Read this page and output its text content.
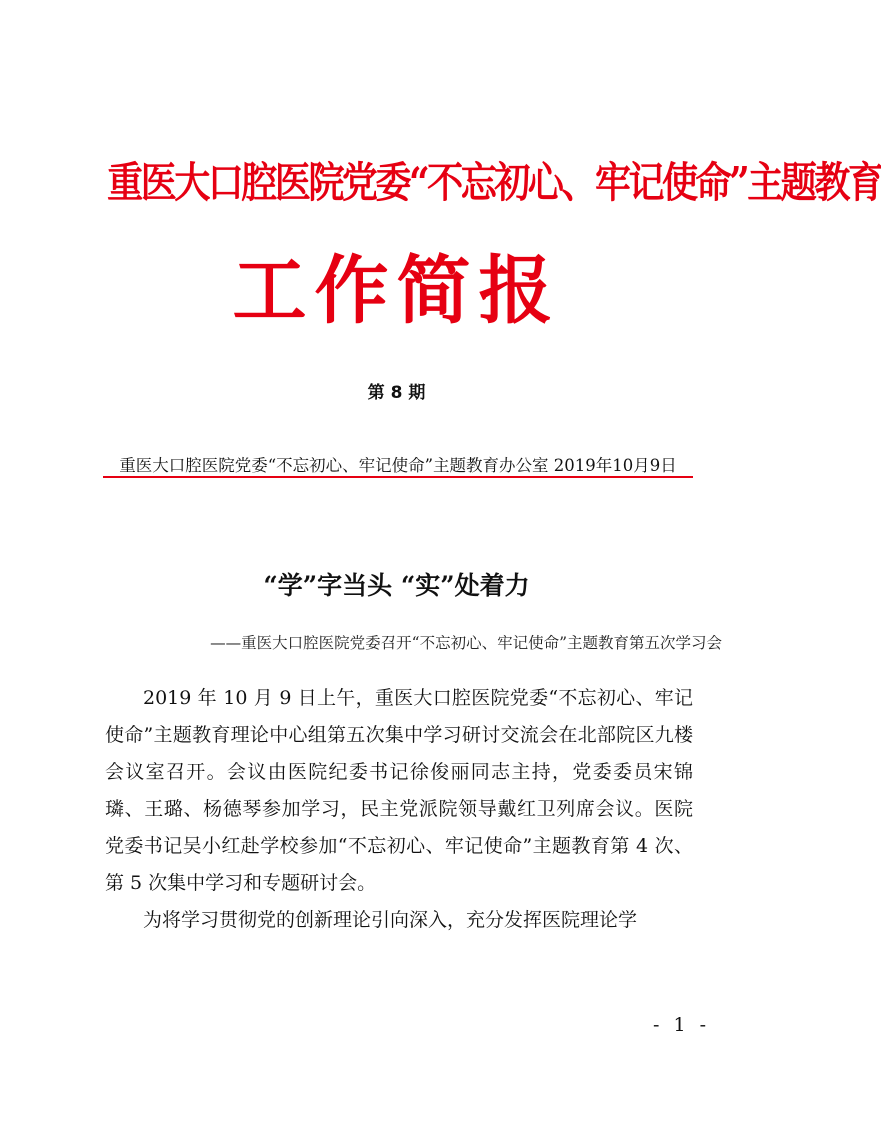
重医大口腔医院党委“不忘初心、牢记使命”主题教育
工作简报
第 8 期
重医大口腔医院党委“不忘初心、牢记使命”主题教育办公室 2019年10月9日
“学”字当头 “实”处着力
——重医大口腔医院党委召开“不忘初心、牢记使命”主题教育第五次学习会

2019 年 10 月 9 日上午，重医大口腔医院党委“不忘初心、牢记使命”主题教育理论中心组第五次集中学习研讨交流会在北部院区九楼会议室召开。会议由医院纪委书记徐俊丽同志主持，党委委员宋锦璘、王璐、杨德琴参加学习，民主党派院领导戴红卫列席会议。医院党委书记吴小红赴学校参加“不忘初心、牢记使命”主题教育第 4 次、第 5 次集中学习和专题研讨会。

为将学习贯彻党的创新理论引向深入，充分发挥医院理论学

- 1 -
